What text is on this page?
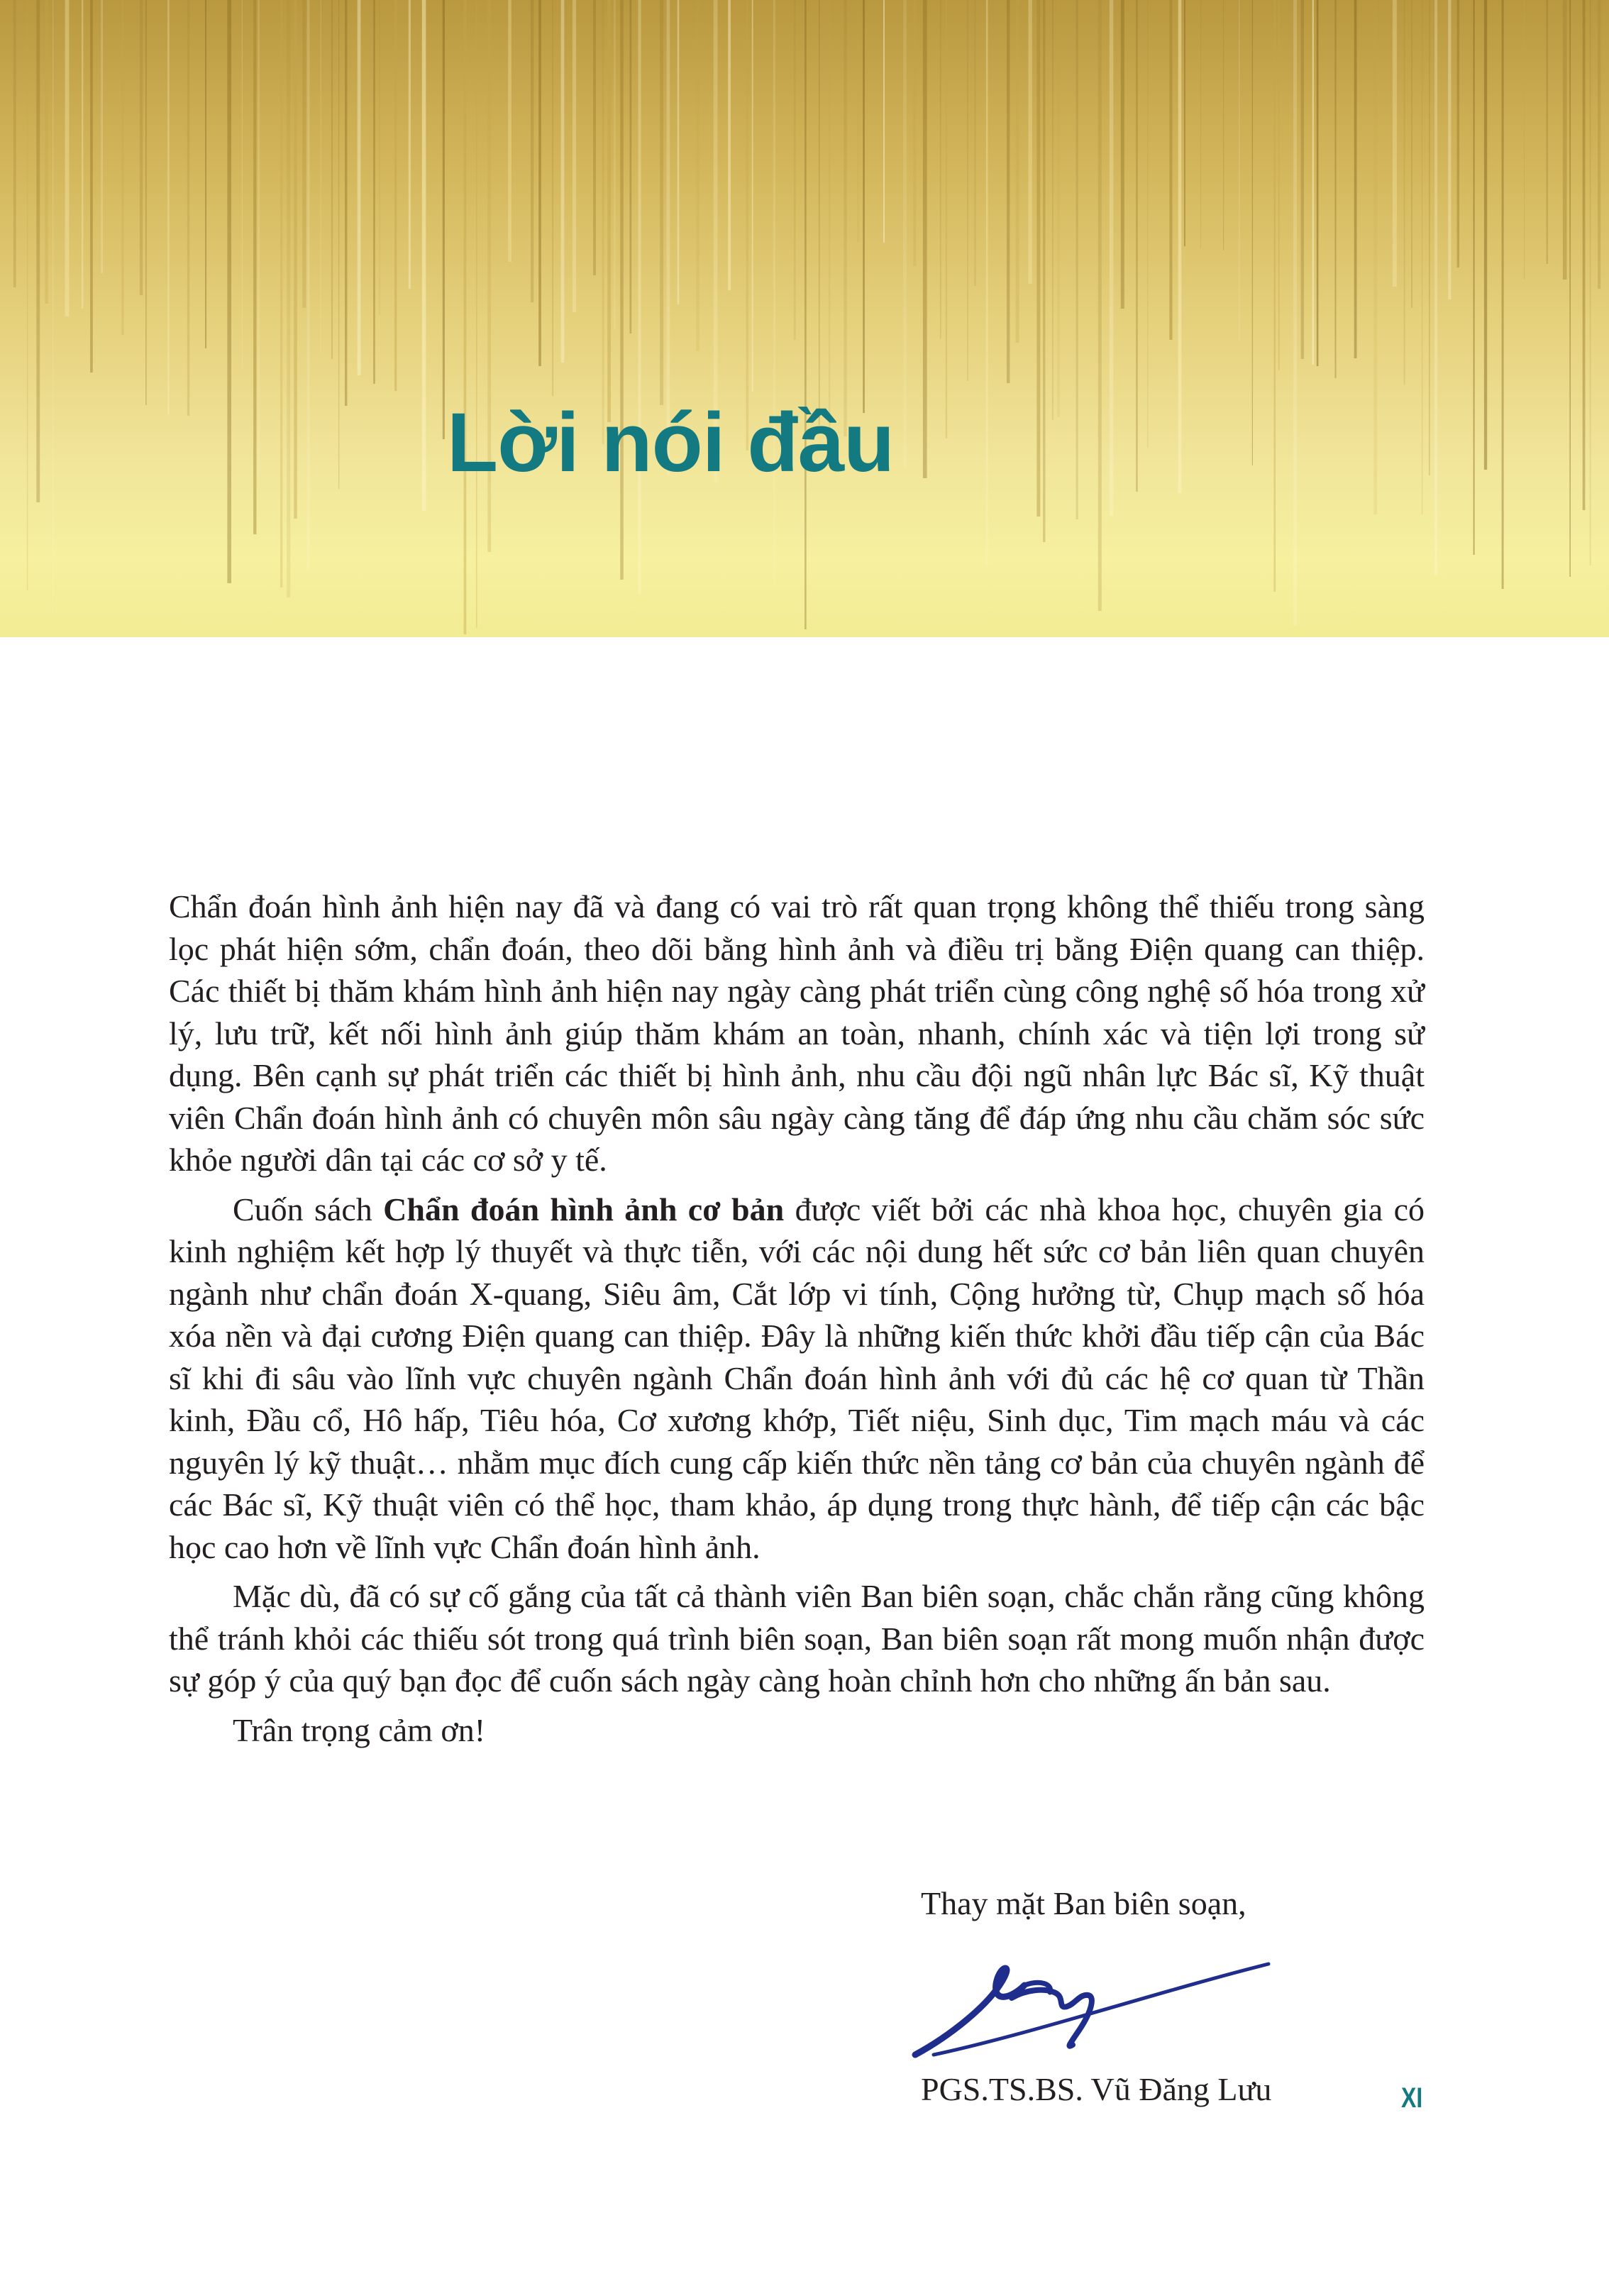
Lời nói đầu

Chẩn đoán hình ảnh hiện nay đã và đang có vai trò rất quan trọng không thể thiếu trong sàng lọc phát hiện sớm, chẩn đoán, theo dõi bằng hình ảnh và điều trị bằng Điện quang can thiệp. Các thiết bị thăm khám hình ảnh hiện nay ngày càng phát triển cùng công nghệ số hóa trong xử lý, lưu trữ, kết nối hình ảnh giúp thăm khám an toàn, nhanh, chính xác và tiện lợi trong sử dụng. Bên cạnh sự phát triển các thiết bị hình ảnh, nhu cầu đội ngũ nhân lực Bác sĩ, Kỹ thuật viên Chẩn đoán hình ảnh có chuyên môn sâu ngày càng tăng để đáp ứng nhu cầu chăm sóc sức khỏe người dân tại các cơ sở y tế.

Cuốn sách Chẩn đoán hình ảnh cơ bản được viết bởi các nhà khoa học, chuyên gia có kinh nghiệm kết hợp lý thuyết và thực tiễn, với các nội dung hết sức cơ bản liên quan chuyên ngành như chẩn đoán X-quang, Siêu âm, Cắt lớp vi tính, Cộng hưởng từ, Chụp mạch số hóa xóa nền và đại cương Điện quang can thiệp. Đây là những kiến thức khởi đầu tiếp cận của Bác sĩ khi đi sâu vào lĩnh vực chuyên ngành Chẩn đoán hình ảnh với đủ các hệ cơ quan từ Thần kinh, Đầu cổ, Hô hấp, Tiêu hóa, Cơ xương khớp, Tiết niệu, Sinh dục, Tim mạch máu và các nguyên lý kỹ thuật… nhằm mục đích cung cấp kiến thức nền tảng cơ bản của chuyên ngành để các Bác sĩ, Kỹ thuật viên có thể học, tham khảo, áp dụng trong thực hành, để tiếp cận các bậc học cao hơn về lĩnh vực Chẩn đoán hình ảnh.

Mặc dù, đã có sự cố gắng của tất cả thành viên Ban biên soạn, chắc chắn rằng cũng không thể tránh khỏi các thiếu sót trong quá trình biên soạn, Ban biên soạn rất mong muốn nhận được sự góp ý của quý bạn đọc để cuốn sách ngày càng hoàn chỉnh hơn cho những ấn bản sau.

Trân trọng cảm ơn!

Thay mặt Ban biên soạn,
PGS.TS.BS. Vũ Đăng Lưu	XI
